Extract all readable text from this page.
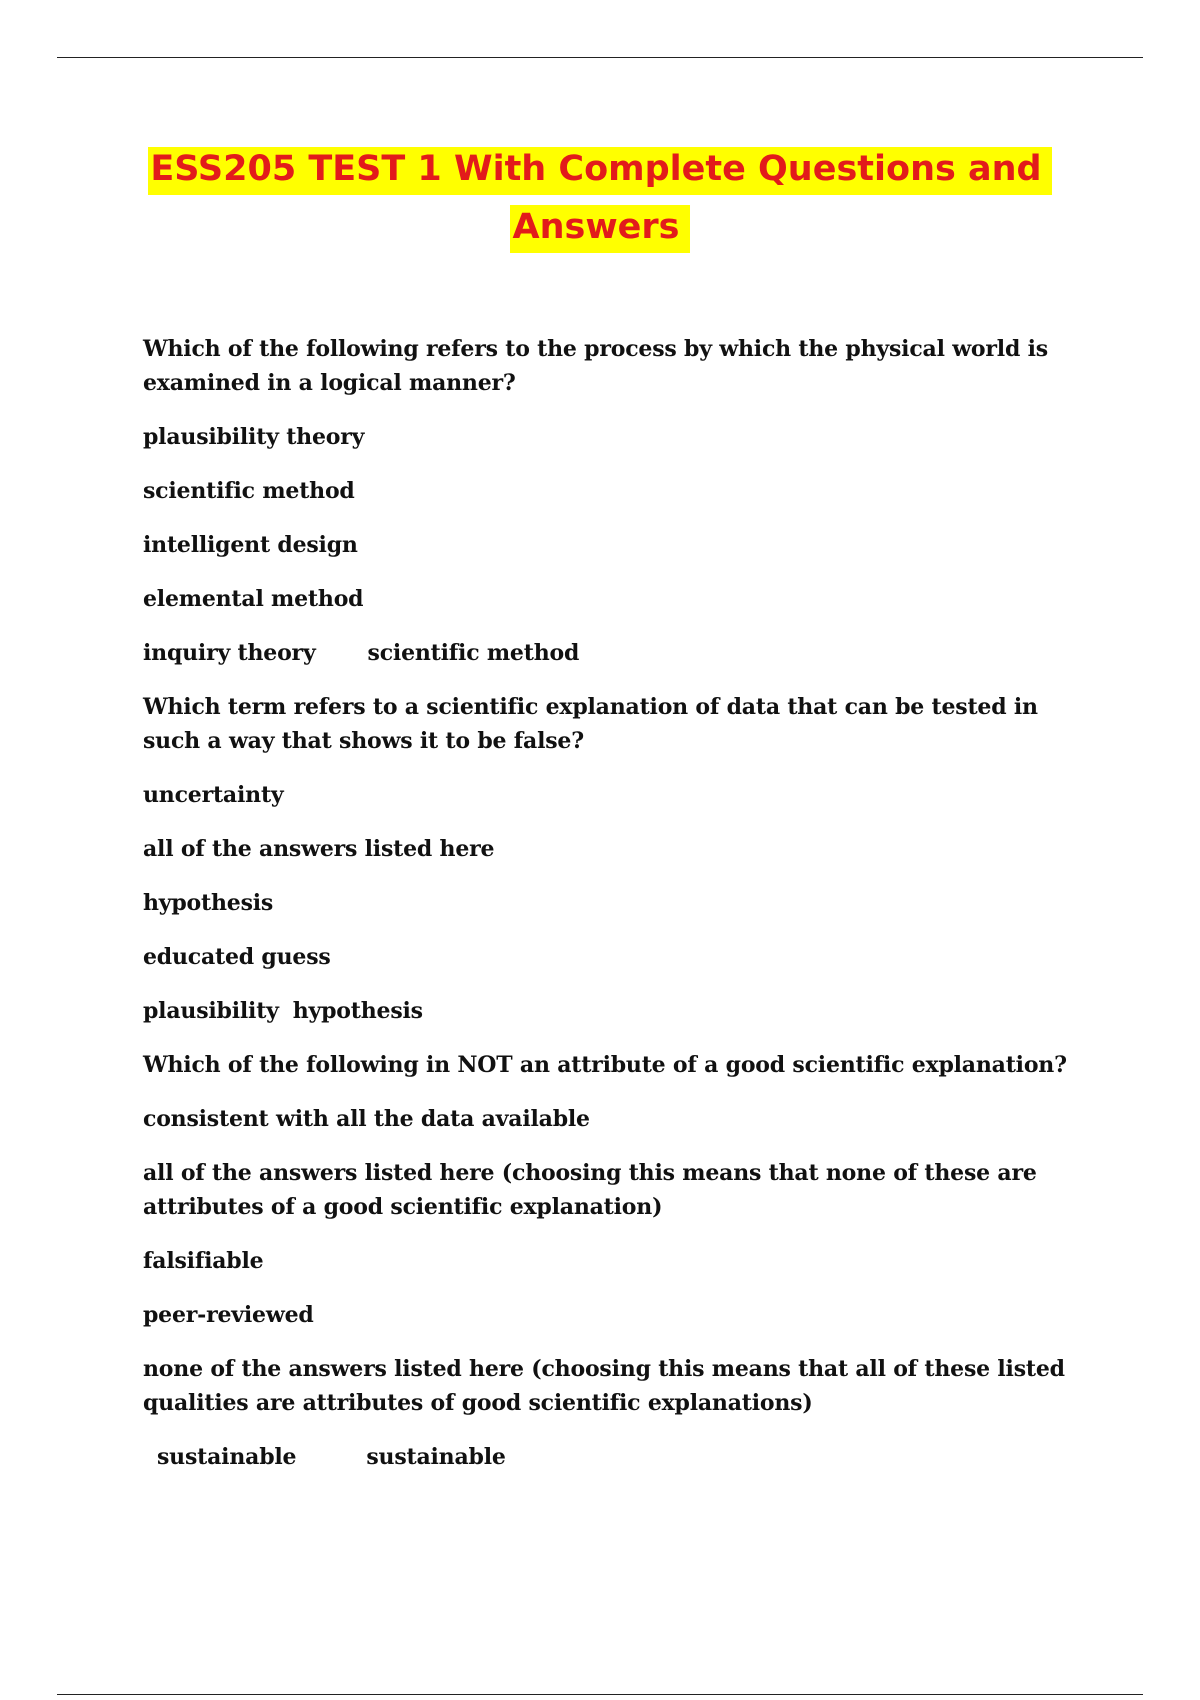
ESS205 TEST 1 With Complete Questions and
Answers

Which of the following refers to the process by which the physical world is examined in a logical manner?

plausibility theory

scientific method

intelligent design

elemental method

inquiry theory scientific method

Which term refers to a scientific explanation of data that can be tested in such a way that shows it to be false?

uncertainty

all of the answers listed here

hypothesis

educated guess

plausibility hypothesis

Which of the following in NOT an attribute of a good scientific explanation?

consistent with all the data available

all of the answers listed here (choosing this means that none of these are attributes of a good scientific explanation)

falsifiable

peer-reviewed

none of the answers listed here (choosing this means that all of these listed qualities are attributes of good scientific explanations)

sustainable	sustainable
